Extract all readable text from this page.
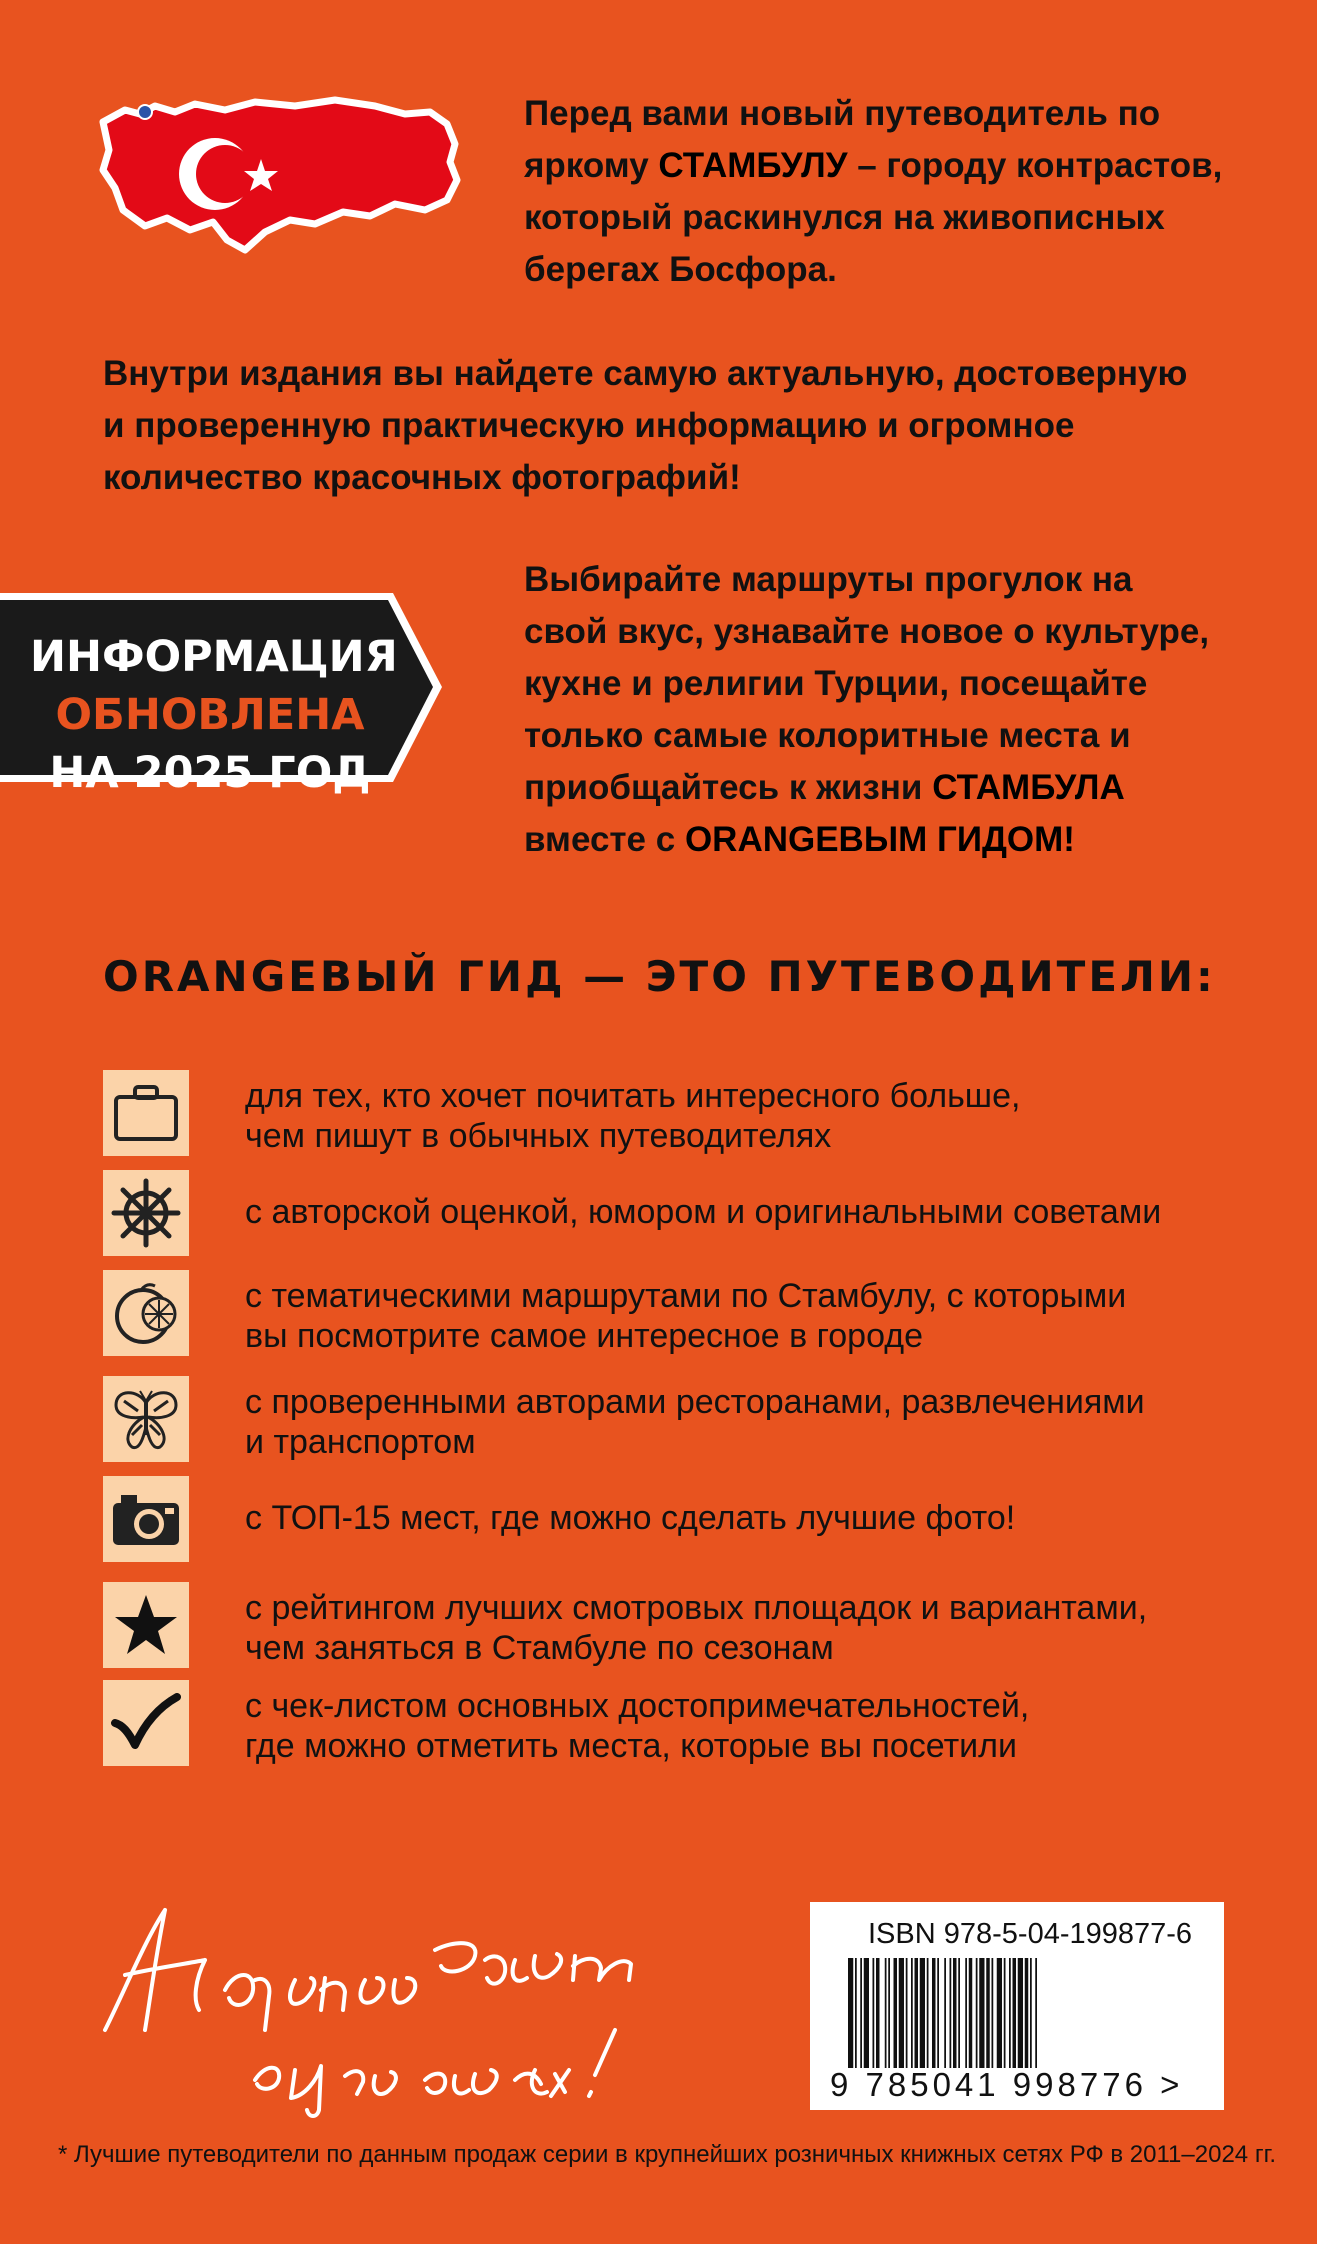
Перед вами новый путеводитель по
яркому СТАМБУЛУ – городу контрастов,
который раскинулся на живописных
берегах Босфора.
Внутри издания вы найдете самую актуальную, достоверную
и проверенную практическую информацию и огромное
количество красочных фотографий!
ИНФОРМАЦИЯ
ОБНОВЛЕНА
НА 2025 ГОД
Выбирайте маршруты прогулок на
свой вкус, узнавайте новое о культуре,
кухне и религии Турции, посещайте
только самые колоритные места и
приобщайтесь к жизни СТАМБУЛА
вместе с ORANGEВЫМ ГИДОМ!
ORANGEВЫЙ ГИД — ЭТО ПУТЕВОДИТЕЛИ:
для тех, кто хочет почитать интересного больше,
чем пишут в обычных путеводителях
с авторской оценкой, юмором и оригинальными советами
с тематическими маршрутами по Стамбулу, с которыми
вы посмотрите самое интересное в городе
с проверенными авторами ресторанами, развлечениями
и транспортом
с ТОП-15 мест, где можно сделать лучшие фото!
с рейтингом лучших смотровых площадок и вариантами,
чем заняться в Стамбуле по сезонам
с чек-листом основных достопримечательностей,
где можно отметить места, которые вы посетили
ISBN 978-5-04-199877-6
9 785041 998776 >
* Лучшие путеводители по данным продаж серии в крупнейших розничных книжных сетях РФ в 2011–2024 гг.
